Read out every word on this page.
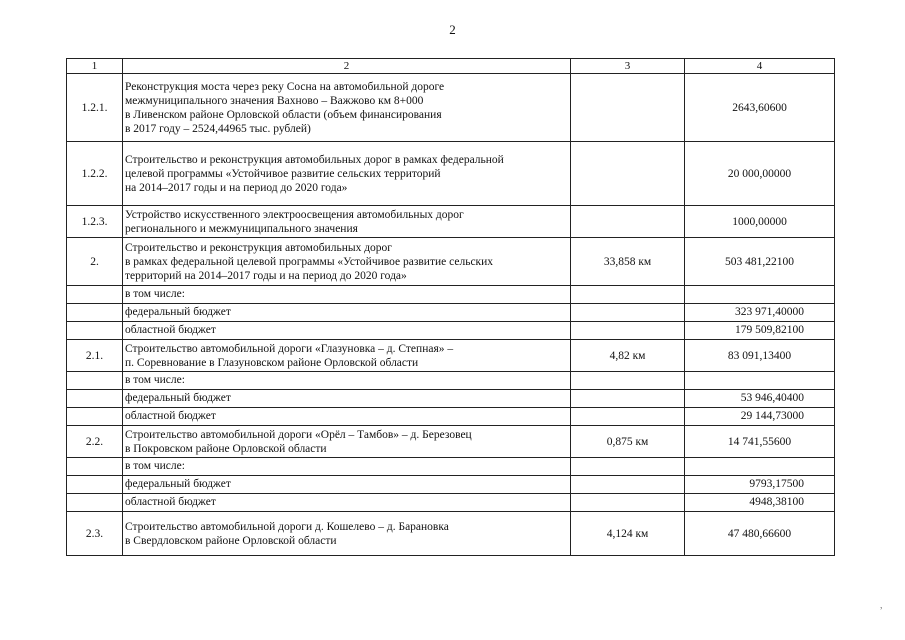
2
1	2	3	4
1.2.1.	Реконструкция моста через реку Сосна на автомобильной дороге
межмуниципального значения Вахново – Важжово км 8+000
в Ливенском районе Орловской области (объем финансирования
в 2017 году – 2524,44965 тыс. рублей)		2643,60600
1.2.2.	Строительство и реконструкция автомобильных дорог в рамках федеральной
целевой программы «Устойчивое развитие сельских территорий
на 2014–2017 годы и на период до 2020 года»		20 000,00000
1.2.3.	Устройство искусственного электроосвещения автомобильных дорог
регионального и межмуниципального значения		1000,00000
2.	Строительство и реконструкция автомобильных дорог
в рамках федеральной целевой программы «Устойчивое развитие сельских
территорий на 2014–2017 годы и на период до 2020 года»	33,858 км	503 481,22100
	в том числе:		
	федеральный бюджет		323 971,40000
	областной бюджет		179 509,82100
2.1.	Строительство автомобильной дороги «Глазуновка – д. Степная» –
п. Соревнование в Глазуновском районе Орловской области	4,82 км	83 091,13400
	в том числе:		
	федеральный бюджет		53 946,40400
	областной бюджет		29 144,73000
2.2.	Строительство автомобильной дороги «Орёл – Тамбов» – д. Березовец
в Покровском районе Орловской области	0,875 км	14 741,55600
	в том числе:		
	федеральный бюджет		9793,17500
	областной бюджет		4948,38100
2.3.	Строительство автомобильной дороги д. Кошелево – д. Барановка
в Свердловском районе Орловской области	4,124 км	47 480,66600
,
